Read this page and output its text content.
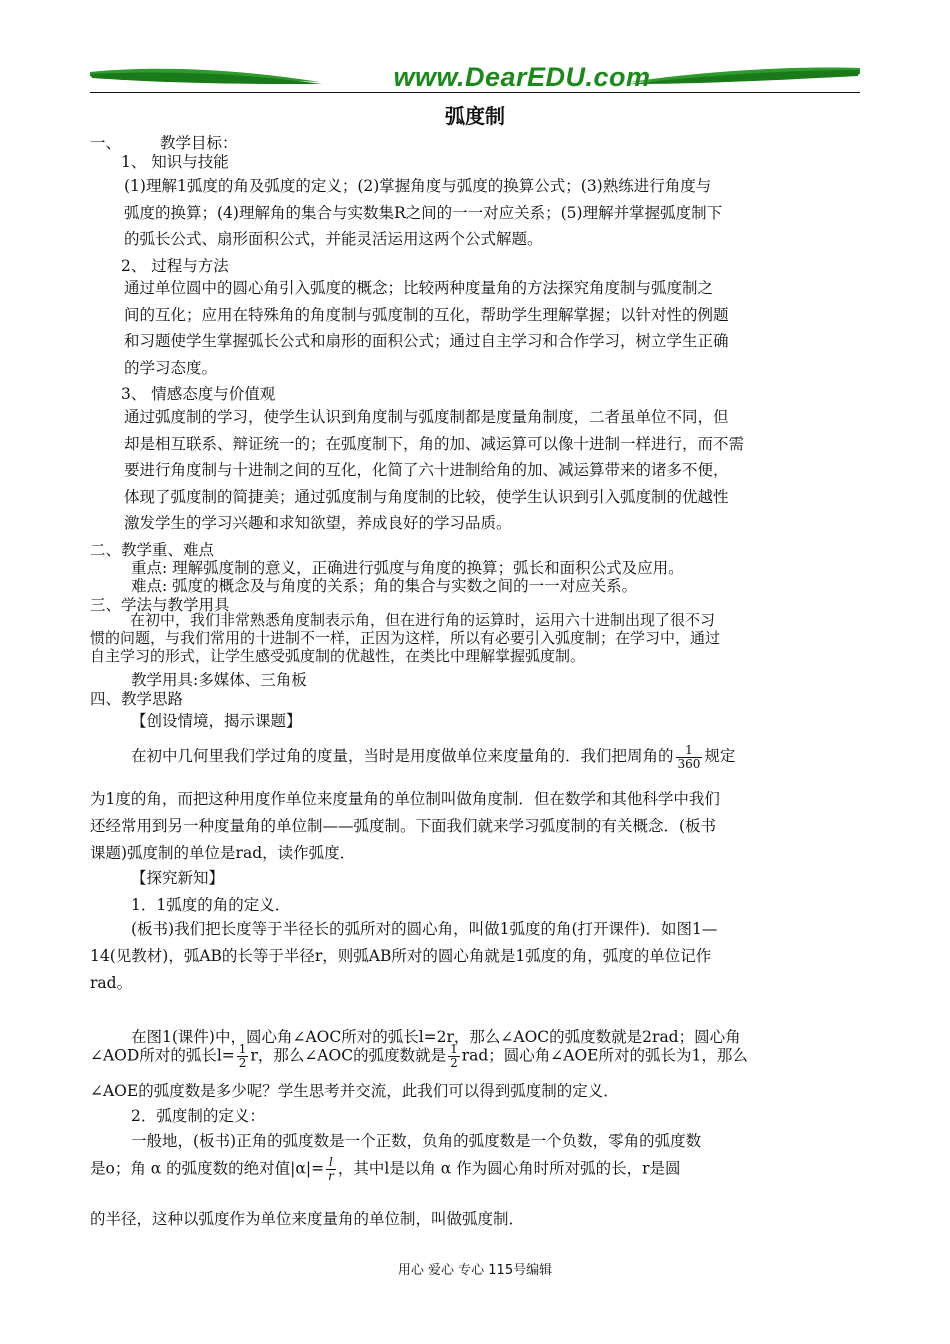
www.DearEDU.com
弧度制
一、	教学目标：
1、 知识与技能
(1)理解1弧度的角及弧度的定义；(2)掌握角度与弧度的换算公式；(3)熟练进行角度与
弧度的换算；(4)理解角的集合与实数集R之间的一一对应关系；(5)理解并掌握弧度制下
的弧长公式、扇形面积公式，并能灵活运用这两个公式解题。
2、 过程与方法
通过单位圆中的圆心角引入弧度的概念；比较两种度量角的方法探究角度制与弧度制之
间的互化；应用在特殊角的角度制与弧度制的互化，帮助学生理解掌握；以针对性的例题
和习题使学生掌握弧长公式和扇形的面积公式；通过自主学习和合作学习，树立学生正确
的学习态度。
3、 情感态度与价值观
通过弧度制的学习，使学生认识到角度制与弧度制都是度量角制度，二者虽单位不同，但
却是相互联系、辩证统一的；在弧度制下，角的加、减运算可以像十进制一样进行，而不需
要进行角度制与十进制之间的互化，化简了六十进制给角的加、减运算带来的诸多不便，
体现了弧度制的简捷美；通过弧度制与角度制的比较，使学生认识到引入弧度制的优越性
激发学生的学习兴趣和求知欲望，养成良好的学习品质。
二、教学重、难点
重点: 理解弧度制的意义，正确进行弧度与角度的换算；弧长和面积公式及应用。
难点: 弧度的概念及与角度的关系；角的集合与实数之间的一一对应关系。
三、学法与教学用具
在初中，我们非常熟悉角度制表示角，但在进行角的运算时，运用六十进制出现了很不习
惯的问题，与我们常用的十进制不一样，正因为这样，所以有必要引入弧度制；在学习中，通过
自主学习的形式，让学生感受弧度制的优越性，在类比中理解掌握弧度制。
教学用具:多媒体、三角板
四、教学思路
【创设情境，揭示课题】
在初中几何里我们学过角的度量，当时是用度做单位来度量角的．我们把周角的 $\frac{1}{360}$ 规定
为1度的角，而把这种用度作单位来度量角的单位制叫做角度制．但在数学和其他科学中我们
还经常用到另一种度量角的单位制——弧度制。下面我们就来学习弧度制的有关概念．(板书
课题)弧度制的单位是rad，读作弧度．
【探究新知】
1．1弧度的角的定义．
(板书)我们把长度等于半径长的弧所对的圆心角，叫做1弧度的角(打开课件)．如图1—
14(见教材)，弧AB的长等于半径r，则弧AB所对的圆心角就是1弧度的角，弧度的单位记作
rad。
在图1(课件)中，圆心角∠AOC所对的弧长l=2r，那么∠AOC的弧度数就是2rad；圆心角
∠AOD所对的弧长$l= \frac{1}{2}$ r，那么∠AOC的弧度数就是 $\frac{1}{2}$ rad；圆心角∠AOE所对的弧长为1，那么
∠AOE的弧度数是多少呢？学生思考并交流，此我们可以得到弧度制的定义．
2．弧度制的定义：
一般地，(板书)正角的弧度数是一个正数，负角的弧度数是一个负数，零角的弧度数
是o；角 α 的弧度数的绝对值$|\alpha|= \frac{l}{r}$ ，其中l是以角 α 作为圆心角时所对弧的长，r是圆
的半径，这种以弧度作为单位来度量角的单位制，叫做弧度制．
用心 爱心 专心 115号编辑
